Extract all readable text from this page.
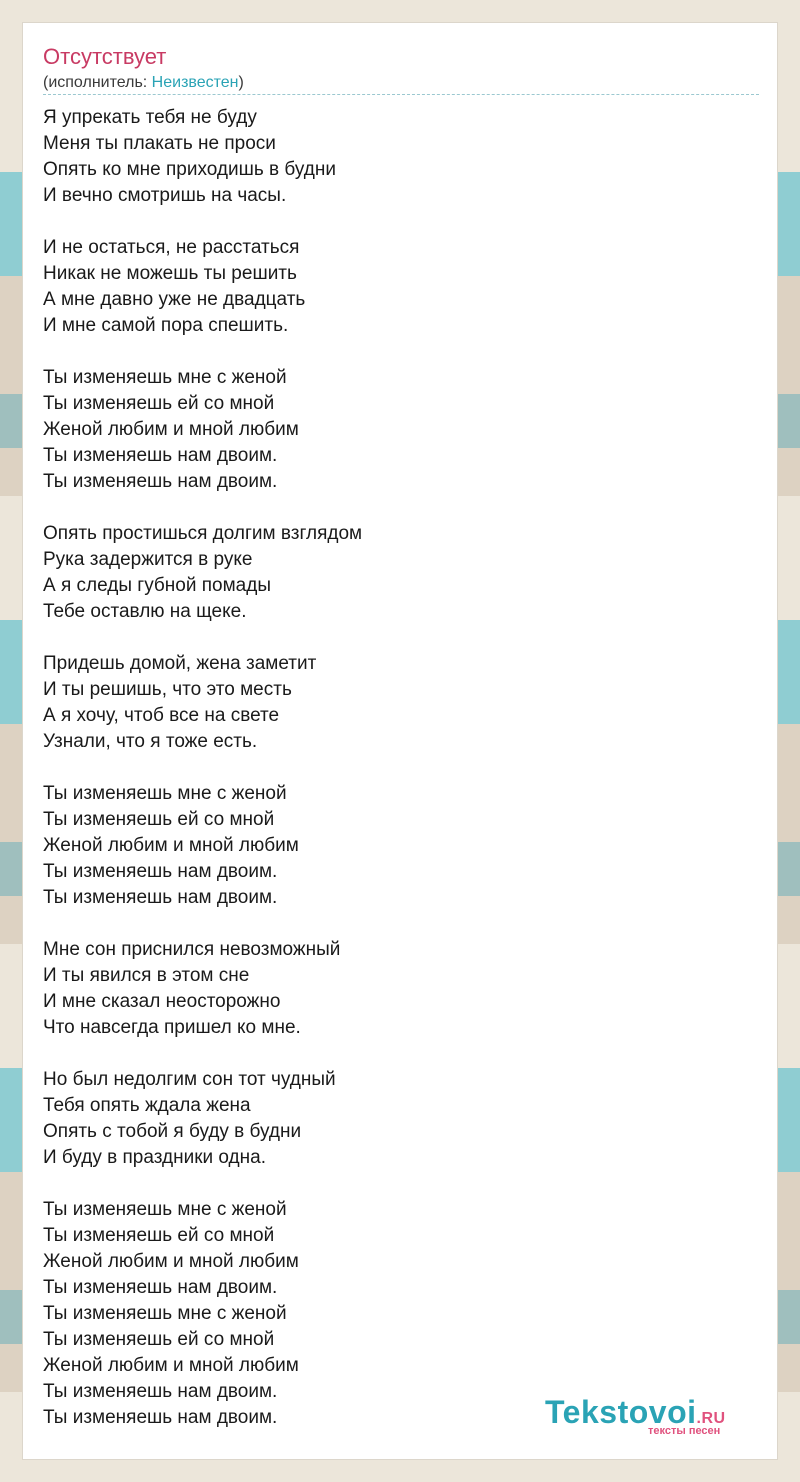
Отсутствует
(исполнитель: Неизвестен)
Я упрекать тебя не буду
Меня ты плакать не проси
Опять ко мне приходишь в будни
И вечно смотришь на часы.
И не остаться, не расстаться
Никак не можешь ты решить
А мне давно уже не двадцать
И мне самой пора спешить.
Ты изменяешь мне с женой
Ты изменяешь ей со мной
Женой любим и мной любим
Ты изменяешь нам двоим.
Ты изменяешь нам двоим.
Опять простишься долгим взглядом
Рука задержится в руке
А я следы губной помады
Тебе оставлю на щеке.
Придешь домой, жена заметит
И ты решишь, что это месть
А я хочу, чтоб все на свете
Узнали, что я тоже есть.
Ты изменяешь мне с женой
Ты изменяешь ей со мной
Женой любим и мной любим
Ты изменяешь нам двоим.
Ты изменяешь нам двоим.
Мне сон приснился невозможный
И ты явился в этом сне
И мне сказал неосторожно
Что навсегда пришел ко мне.
Но был недолгим сон тот чудный
Тебя опять ждала жена
Опять с тобой я буду в будни
И буду в праздники одна.
Ты изменяешь мне с женой
Ты изменяешь ей со мной
Женой любим и мной любим
Ты изменяешь нам двоим.
Ты изменяешь мне с женой
Ты изменяешь ей со мной
Женой любим и мной любим
Ты изменяешь нам двоим.
Ты изменяешь нам двоим.	Tekstovoi.RU
тексты песен
